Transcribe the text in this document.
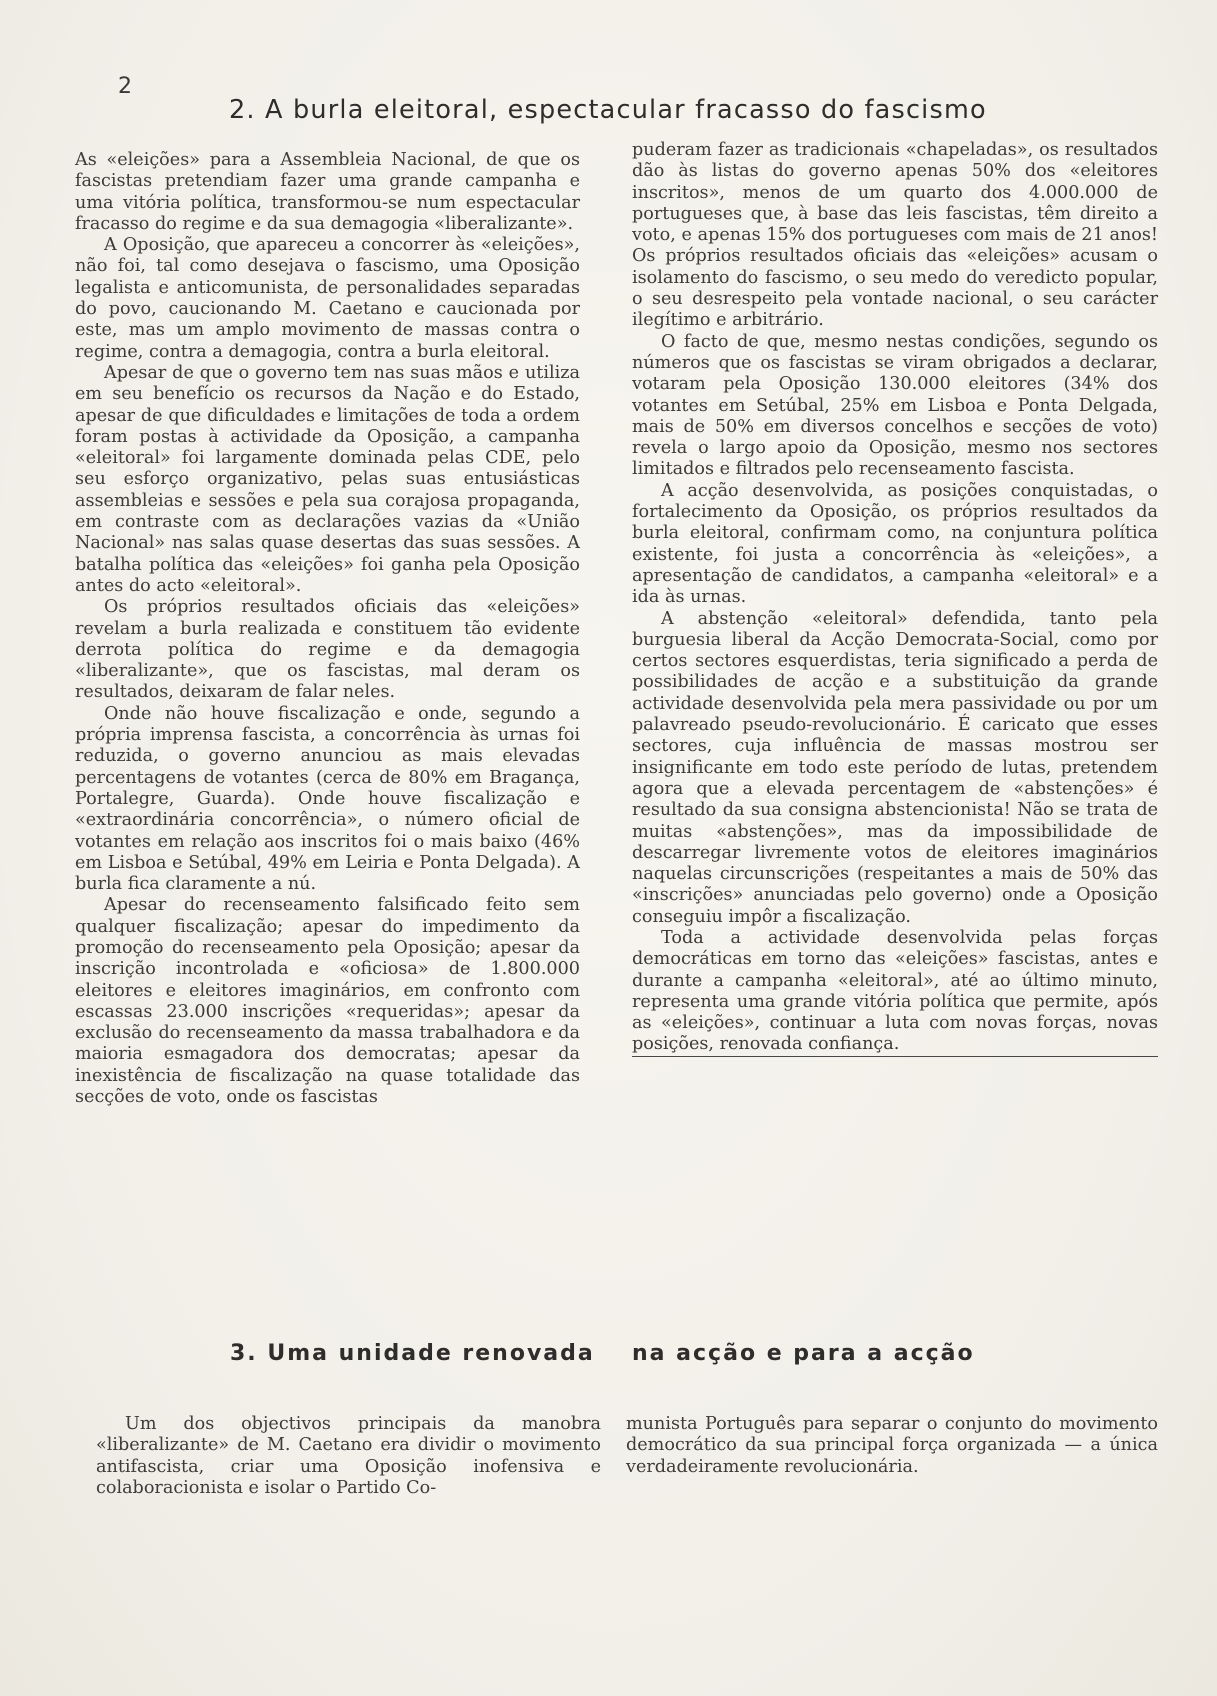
2
2. A burla eleitoral, espectacular fracasso do fascismo

As «eleições» para a Assembleia Nacional, de que os fascistas pretendiam fazer uma grande campanha e uma vitória política, transformou-se num espectacular fracasso do regime e da sua demagogia «liberalizante».

A Oposição, que apareceu a concorrer às «eleições», não foi, tal como desejava o fascismo, uma Oposição legalista e anticomunista, de personalidades separadas do povo, caucionando M. Caetano e caucionada por este, mas um amplo movimento de massas contra o regime, contra a demagogia, contra a burla eleitoral.

Apesar de que o governo tem nas suas mãos e utiliza em seu benefício os recursos da Nação e do Estado, apesar de que dificuldades e limitações de toda a ordem foram postas à actividade da Oposição, a campanha «eleitoral» foi largamente dominada pelas CDE, pelo seu esforço organizativo, pelas suas entusiásticas assembleias e sessões e pela sua corajosa propaganda, em contraste com as declarações vazias da «União Nacional» nas salas quase desertas das suas sessões. A batalha política das «eleições» foi ganha pela Oposição antes do acto «eleitoral».

Os próprios resultados oficiais das «eleições» revelam a burla realizada e constituem tão evidente derrota política do regime e da demagogia «liberalizante», que os fascistas, mal deram os resultados, deixaram de falar neles.

Onde não houve fiscalização e onde, segundo a própria imprensa fascista, a concorrência às urnas foi reduzida, o governo anunciou as mais elevadas percentagens de votantes (cerca de 80% em Bragança, Portalegre, Guarda). Onde houve fiscalização e «extraordinária concorrência», o número oficial de votantes em relação aos inscritos foi o mais baixo (46% em Lisboa e Setúbal, 49% em Leiria e Ponta Delgada). A burla fica claramente a nú.

Apesar do recenseamento falsificado feito sem qualquer fiscalização; apesar do impedimento da promoção do recenseamento pela Oposição; apesar da inscrição incontrolada e «oficiosa» de 1.800.000 eleitores e eleitores imaginários, em confronto com escassas 23.000 inscrições «requeridas»; apesar da exclusão do recenseamento da massa trabalhadora e da maioria esmagadora dos democratas; apesar da inexistência de fiscalização na quase totalidade das secções de voto, onde os fascistas

puderam fazer as tradicionais «chapeladas», os resultados dão às listas do governo apenas 50% dos «eleitores inscritos», menos de um quarto dos 4.000.000 de portugueses que, à base das leis fascistas, têm direito a voto, e apenas 15% dos portugueses com mais de 21 anos! Os próprios resultados oficiais das «eleições» acusam o isolamento do fascismo, o seu medo do veredicto popular, o seu desrespeito pela vontade nacional, o seu carácter ilegítimo e arbitrário.

O facto de que, mesmo nestas condições, segundo os números que os fascistas se viram obrigados a declarar, votaram pela Oposição 130.000 eleitores (34% dos votantes em Setúbal, 25% em Lisboa e Ponta Delgada, mais de 50% em diversos concelhos e secções de voto) revela o largo apoio da Oposição, mesmo nos sectores limitados e filtrados pelo recenseamento fascista.

A acção desenvolvida, as posições conquistadas, o fortalecimento da Oposição, os próprios resultados da burla eleitoral, confirmam como, na conjuntura política existente, foi justa a concorrência às «eleições», a apresentação de candidatos, a campanha «eleitoral» e a ida às urnas.

A abstenção «eleitoral» defendida, tanto pela burguesia liberal da Acção Democrata-Social, como por certos sectores esquerdistas, teria significado a perda de possibilidades de acção e a substituição da grande actividade desenvolvida pela mera passividade ou por um palavreado pseudo-revolucionário. É caricato que esses sectores, cuja influência de massas mostrou ser insignificante em todo este período de lutas, pretendem agora que a elevada percentagem de «abstenções» é resultado da sua consigna abstencionista! Não se trata de muitas «abstenções», mas da impossibilidade de descarregar livremente votos de eleitores imaginários naquelas circunscrições (respeitantes a mais de 50% das «inscrições» anunciadas pelo governo) onde a Oposição conseguiu impôr a fiscalização.

Toda a actividade desenvolvida pelas forças democráticas em torno das «eleições» fascistas, antes e durante a campanha «eleitoral», até ao último minuto, representa uma grande vitória política que permite, após as «eleições», continuar a luta com novas forças, novas posições, renovada confiança.

3. Uma unidade renovada na acção e para a acção

Um dos objectivos principais da manobra «liberalizante» de M. Caetano era dividir o movimento antifascista, criar uma Oposição inofensiva e colaboracionista e isolar o Partido Co-

munista Português para separar o conjunto do movimento democrático da sua principal força organizada — a única verdadeiramente revolucionária.
